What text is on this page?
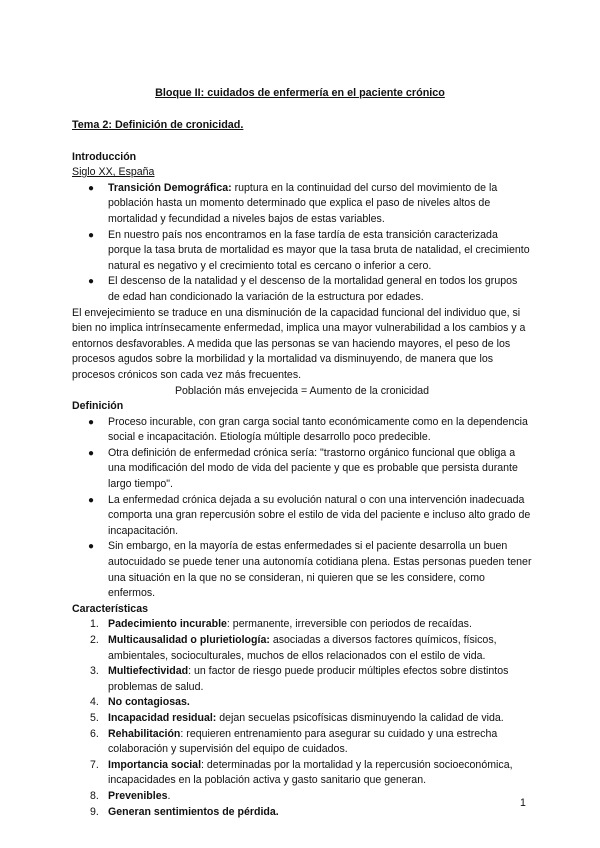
Bloque II: cuidados de enfermería en el paciente crónico
Tema 2: Definición de cronicidad.
Introducción
Siglo XX, España
● Transición Demográfica: ruptura en la continuidad del curso del movimiento de la población hasta un momento determinado que explica el paso de niveles altos de mortalidad y fecundidad a niveles bajos de estas variables.
● En nuestro país nos encontramos en la fase tardía de esta transición caracterizada porque la tasa bruta de mortalidad es mayor que la tasa bruta de natalidad, el crecimiento natural es negativo y el crecimiento total es cercano o inferior a cero.
● El descenso de la natalidad y el descenso de la mortalidad general en todos los grupos de edad han condicionado la variación de la estructura por edades.
El envejecimiento se traduce en una disminución de la capacidad funcional del individuo que, si bien no implica intrínsecamente enfermedad, implica una mayor vulnerabilidad a los cambios y a entornos desfavorables. A medida que las personas se van haciendo mayores, el peso de los procesos agudos sobre la morbilidad y la mortalidad va disminuyendo, de manera que los procesos crónicos son cada vez más frecuentes.
Población más envejecida = Aumento de la cronicidad
Definición
● Proceso incurable, con gran carga social tanto económicamente como en la dependencia social e incapacitación. Etiología múltiple desarrollo poco predecible.
● Otra definición de enfermedad crónica sería: "trastorno orgánico funcional que obliga a una modificación del modo de vida del paciente y que es probable que persista durante largo tiempo".
● La enfermedad crónica dejada a su evolución natural o con una intervención inadecuada comporta una gran repercusión sobre el estilo de vida del paciente e incluso alto grado de incapacitación.
● Sin embargo, en la mayoría de estas enfermedades si el paciente desarrolla un buen autocuidado se puede tener una autonomía cotidiana plena. Estas personas pueden tener una situación en la que no se consideran, ni quieren que se les considere, como enfermos.
Características
1. Padecimiento incurable: permanente, irreversible con periodos de recaídas.
2. Multicausalidad o plurietiología: asociadas a diversos factores químicos, físicos, ambientales, socioculturales, muchos de ellos relacionados con el estilo de vida.
3. Multiefectividad: un factor de riesgo puede producir múltiples efectos sobre distintos problemas de salud.
4. No contagiosas.
5. Incapacidad residual: dejan secuelas psicofísicas disminuyendo la calidad de vida.
6. Rehabilitación: requieren entrenamiento para asegurar su cuidado y una estrecha colaboración y supervisión del equipo de cuidados.
7. Importancia social: determinadas por la mortalidad y la repercusión socioeconómica, incapacidades en la población activa y gasto sanitario que generan.
8. Prevenibles.
9. Generan sentimientos de pérdida.
1
